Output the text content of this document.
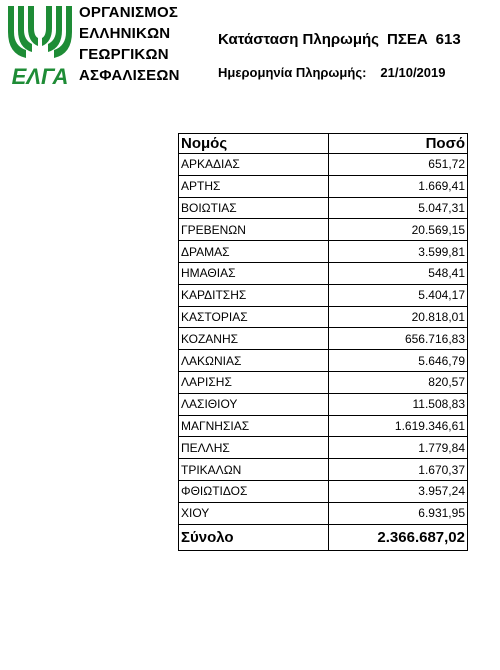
ΕΛΓΑ
ΟΡΓΑΝΙΣΜΟΣ
ΕΛΛΗΝΙΚΩΝ
ΓΕΩΡΓΙΚΩΝ
ΑΣΦΑΛΙΣΕΩΝ
Κατάσταση Πληρωμής ΠΣΕΑ 613
Ημερομηνία Πληρωμής: 21/10/2019
Νομός	Ποσό
ΑΡΚΑΔΙΑΣ	651,72
ΑΡΤΗΣ	1.669,41
ΒΟΙΩΤΙΑΣ	5.047,31
ΓΡΕΒΕΝΩΝ	20.569,15
ΔΡΑΜΑΣ	3.599,81
ΗΜΑΘΙΑΣ	548,41
ΚΑΡΔΙΤΣΗΣ	5.404,17
ΚΑΣΤΟΡΙΑΣ	20.818,01
ΚΟΖΑΝΗΣ	656.716,83
ΛΑΚΩΝΙΑΣ	5.646,79
ΛΑΡΙΣΗΣ	820,57
ΛΑΣΙΘΙΟΥ	11.508,83
ΜΑΓΝΗΣΙΑΣ	1.619.346,61
ΠΕΛΛΗΣ	1.779,84
ΤΡΙΚΑΛΩΝ	1.670,37
ΦΘΙΩΤΙΔΟΣ	3.957,24
ΧΙΟΥ	6.931,95
Σύνολο	2.366.687,02
